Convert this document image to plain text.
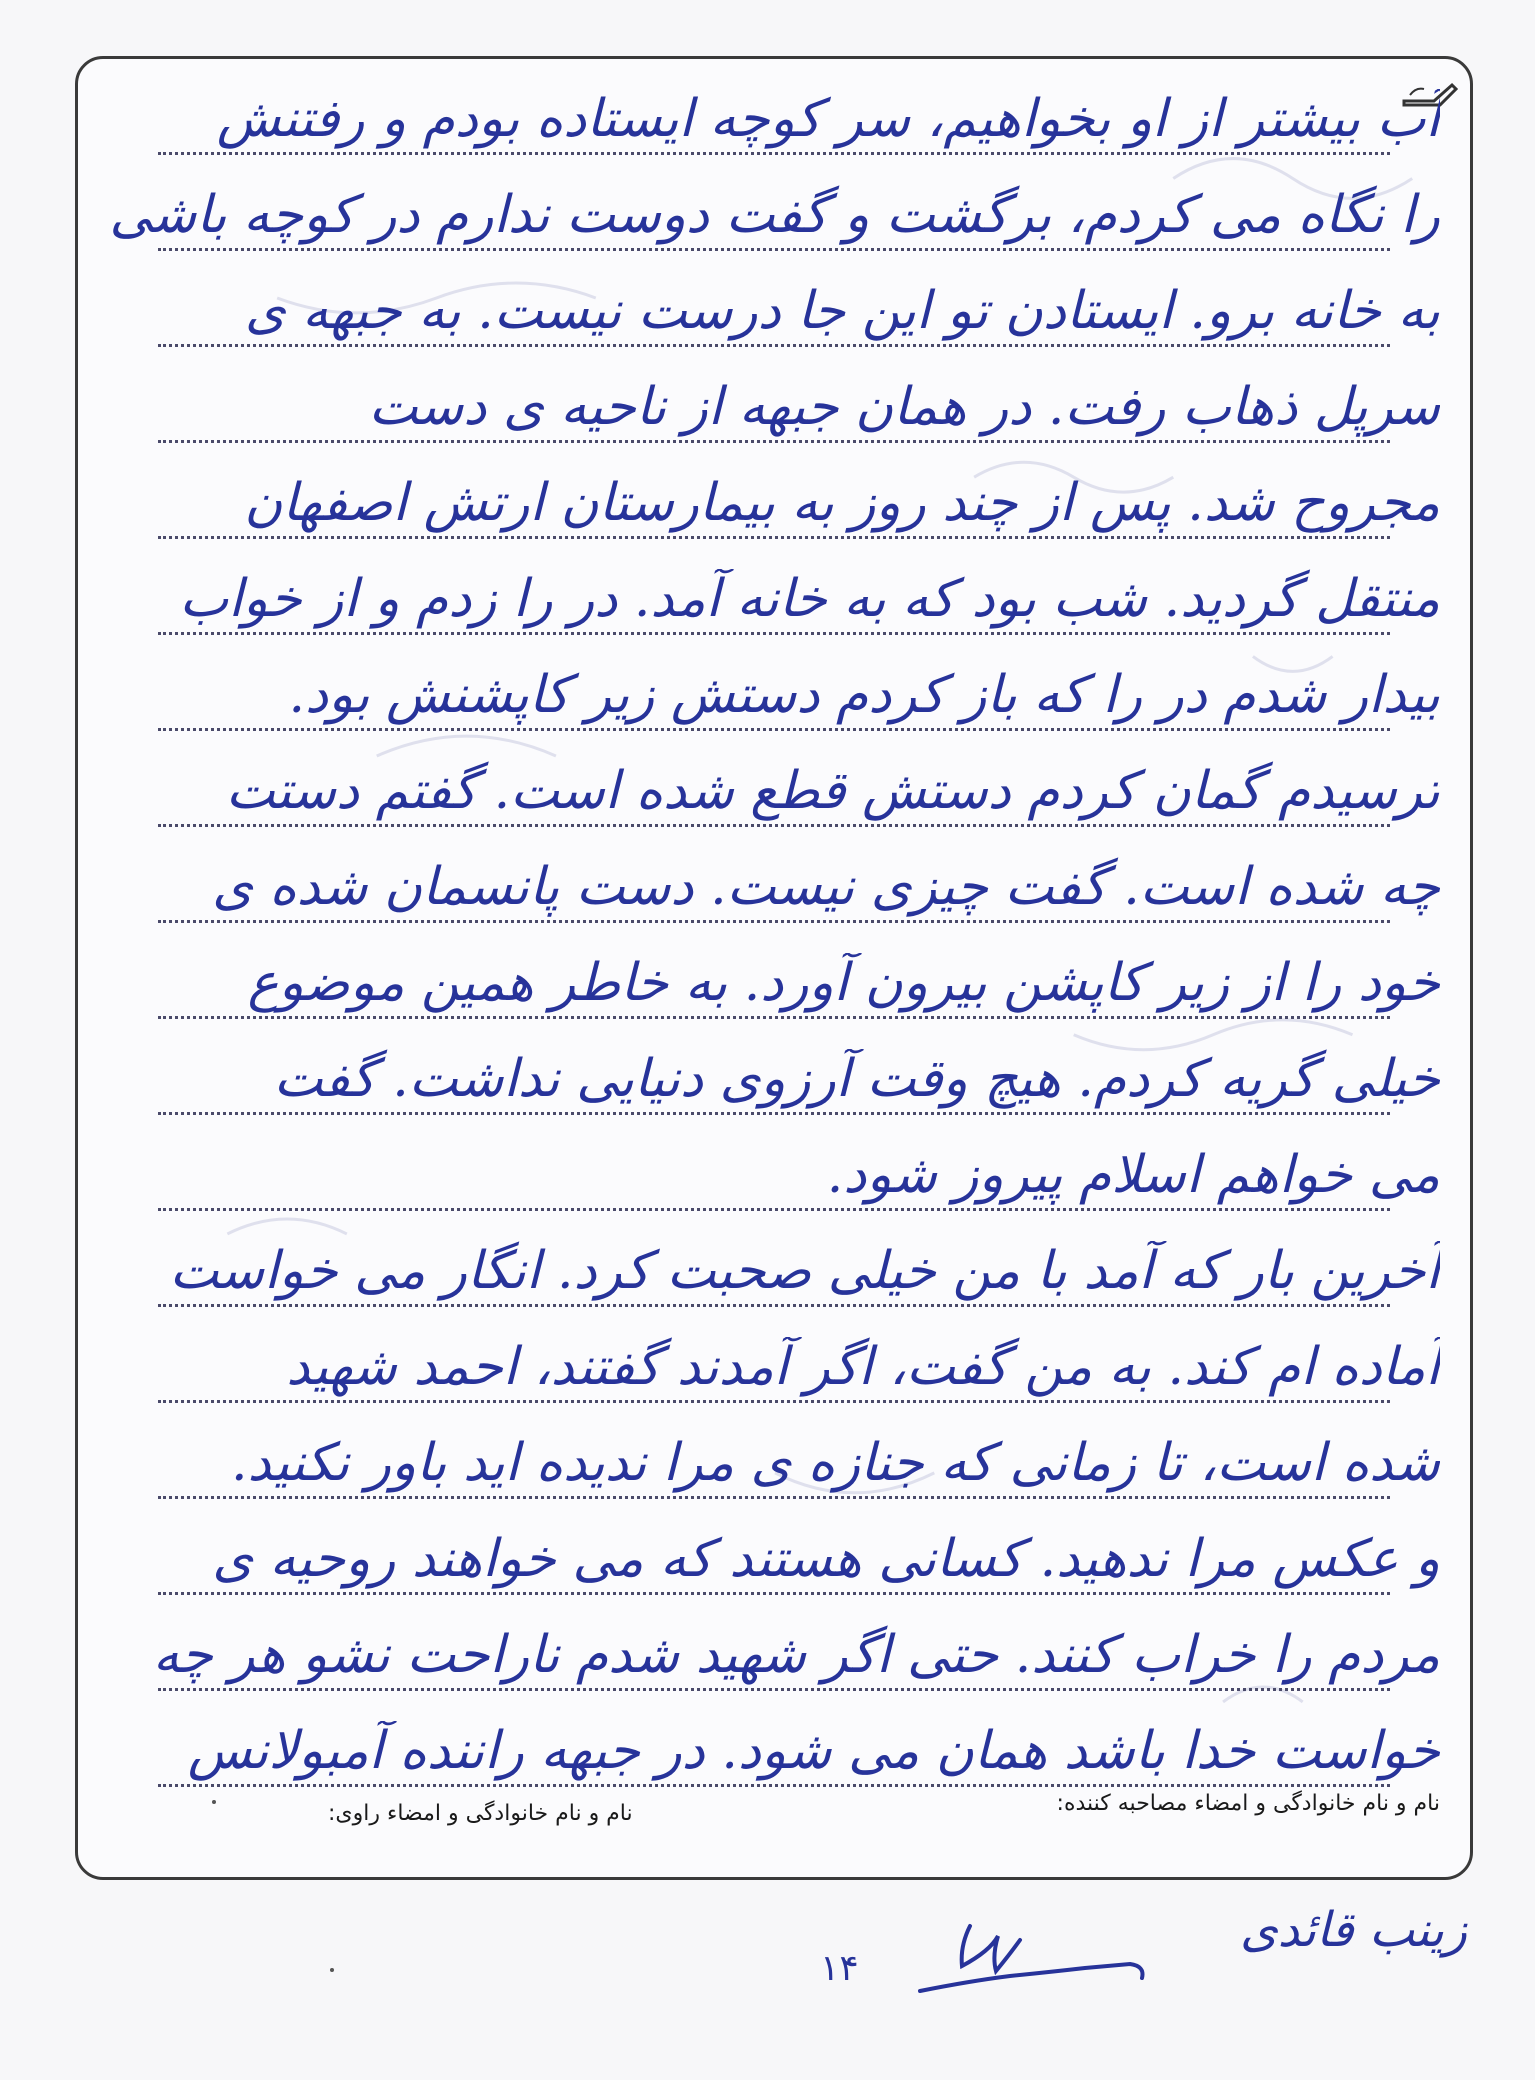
آب بیشتر از او بخواهیم، سر کوچه ایستاده بودم و رفتنش
را نگاه می کردم، برگشت و گفت دوست ندارم در کوچه باشی
به خانه برو. ایستادن تو این جا درست نیست. به جبهه ی
سرپل ذهاب رفت. در همان جبهه از ناحیه ی دست
مجروح شد. پس از چند روز به بیمارستان ارتش اصفهان
منتقل گردید. شب بود که به خانه آمد. در را زدم و از خواب
بیدار شدم در را که باز کردم دستش زیر کاپشنش بود.
ترسیدم گمان کردم دستش قطع شده است. گفتم دستت
چه شده است. گفت چیزی نیست. دست پانسمان شده ی
خود را از زیر کاپشن بیرون آورد. به خاطر همین موضوع
خیلی گریه کردم. هیچ وقت آرزوی دنیایی نداشت. گفت
می خواهم اسلام پیروز شود.
آخرین بار که آمد با من خیلی صحبت کرد. انگار می خواست
آماده ام کند. به من گفت، اگر آمدند گفتند، احمد شهید
شده است، تا زمانی که جنازه ی مرا ندیده اید باور نکنید.
و عکس مرا ندهید. کسانی هستند که می خواهند روحیه ی
مردم را خراب کنند. حتی اگر شهید شدم ناراحت نشو هر چه
خواست خدا باشد همان می شود. در جبهه راننده آمبولانس
نام و نام خانوادگی و امضاء مصاحبه کننده:
نام و نام خانوادگی و امضاء راوی:
زینب قائدی
۱۴
